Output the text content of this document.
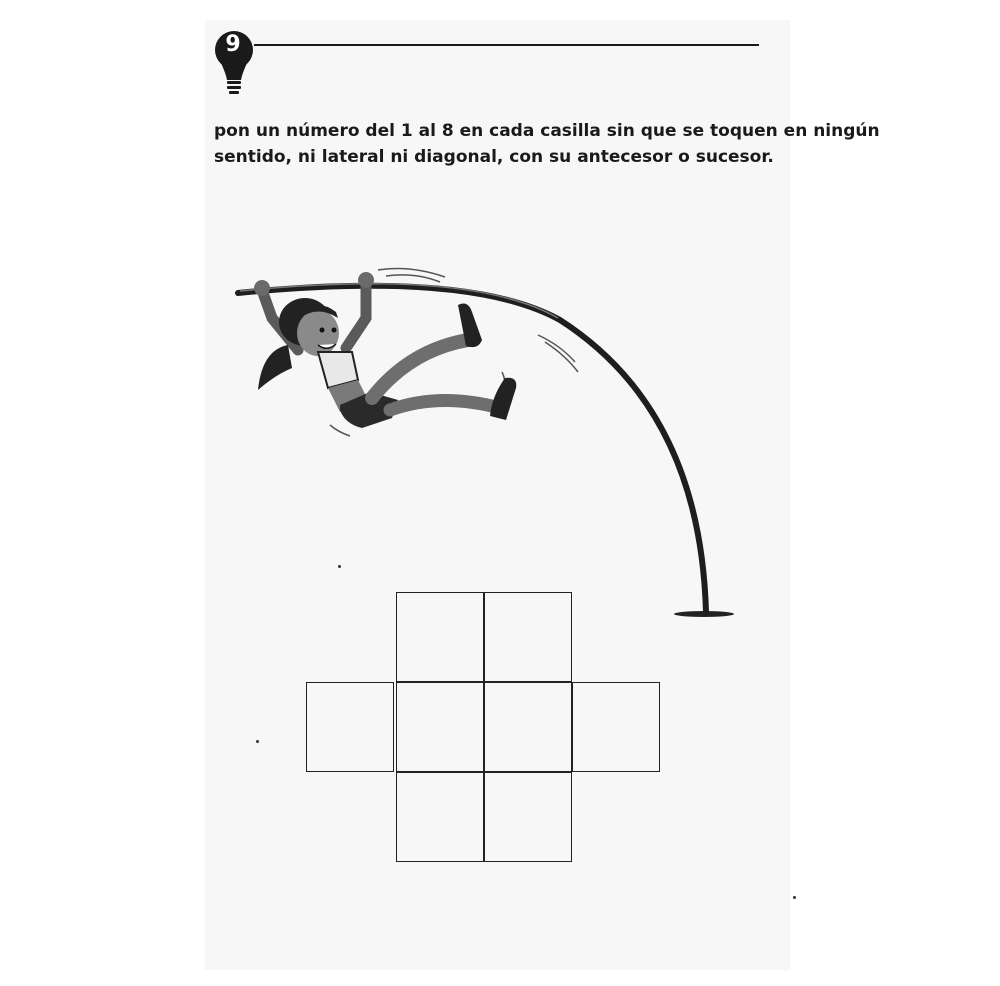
9
pon un número del 1 al 8 en cada casilla sin que se toquen en ningún
sentido, ni lateral ni diagonal, con su antecesor o sucesor.
